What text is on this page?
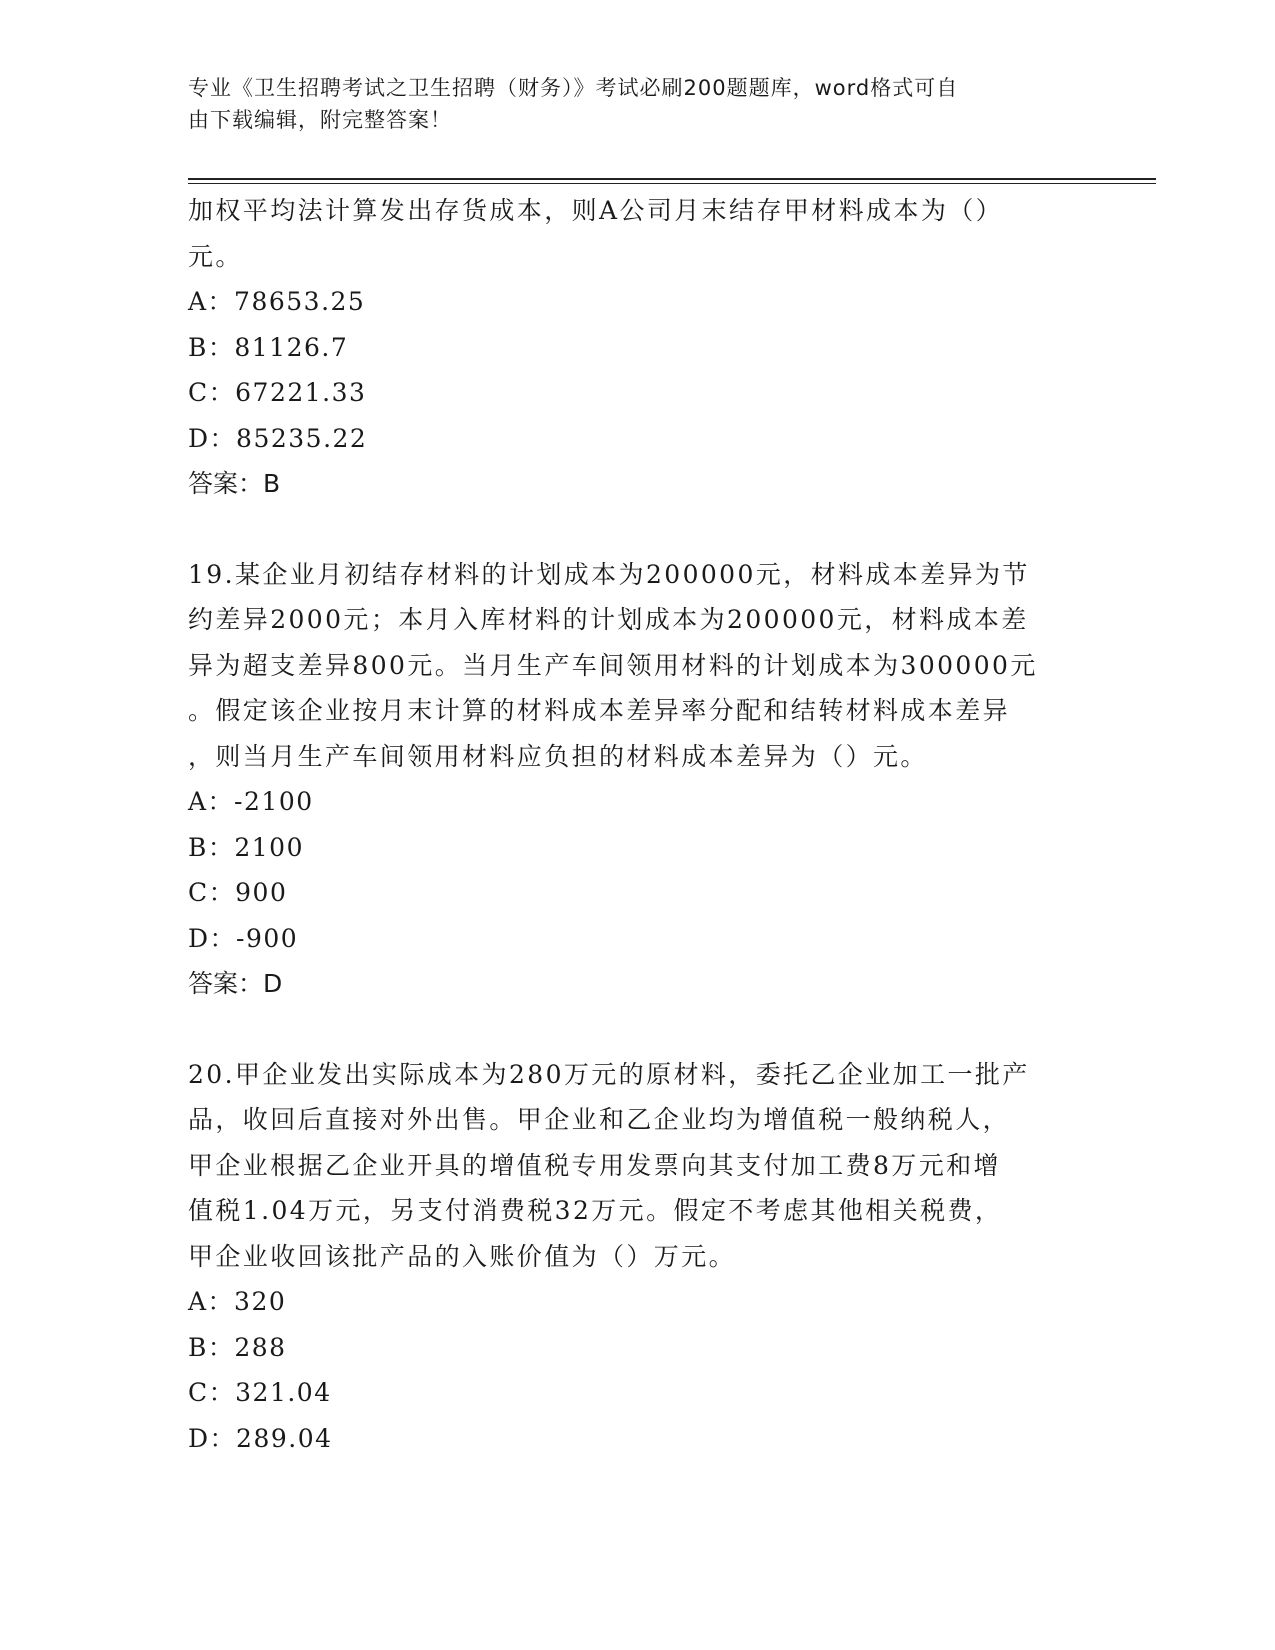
专业《卫生招聘考试之卫生招聘（财务）》考试必刷200题题库，word格式可自
由下载编辑，附完整答案！

加权平均法计算发出存货成本，则A公司月末结存甲材料成本为（）

元。

A：78653.25

B：81126.7

C：67221.33

D：85235.22

答案：B

19.某企业月初结存材料的计划成本为200000元，材料成本差异为节

约差异2000元；本月入库材料的计划成本为200000元，材料成本差

异为超支差异800元。当月生产车间领用材料的计划成本为300000元

。假定该企业按月末计算的材料成本差异率分配和结转材料成本差异

，则当月生产车间领用材料应负担的材料成本差异为（）元。

A：-2100

B：2100

C：900

D：-900

答案：D

20.甲企业发出实际成本为280万元的原材料，委托乙企业加工一批产

品，收回后直接对外出售。甲企业和乙企业均为增值税一般纳税人，

甲企业根据乙企业开具的增值税专用发票向其支付加工费8万元和增

值税1.04万元，另支付消费税32万元。假定不考虑其他相关税费，

甲企业收回该批产品的入账价值为（）万元。

A：320

B：288

C：321.04

D：289.04
